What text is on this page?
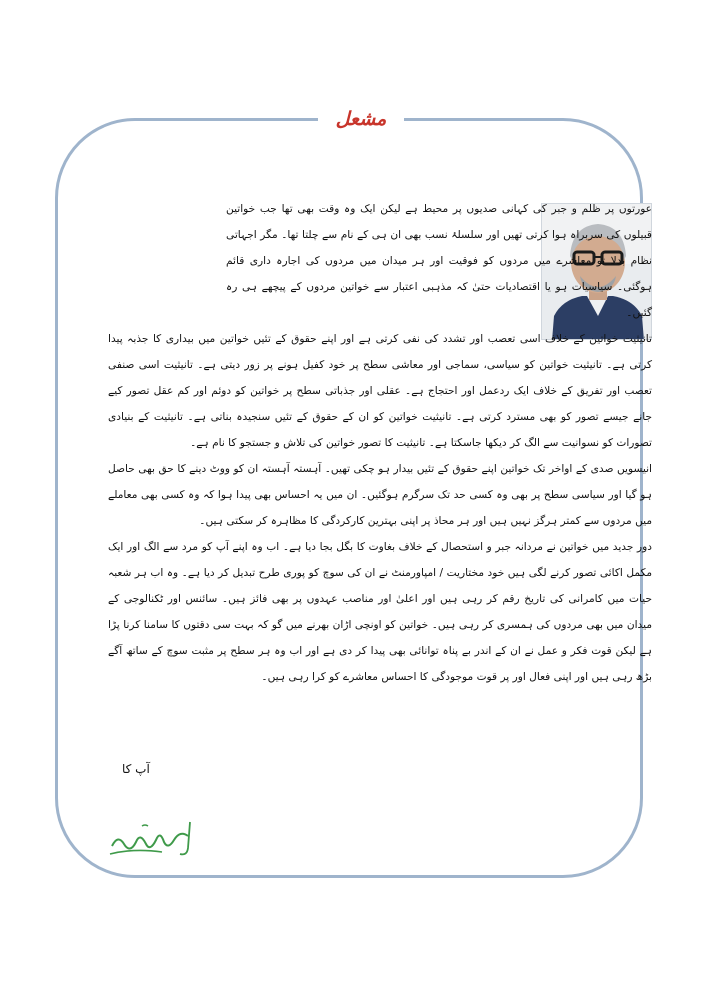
مشعل

عورتوں پر ظلم و جبر کی کہانی صدیوں پر محیط ہے لیکن ایک وہ وقت بھی تھا جب خواتین قبیلوں کی سربراہ ہوا کرتی تھیں اور سلسلۂ نسب بھی ان ہی کے نام سے چلتا تھا۔ مگر اجہاتی نظام بدلا تو معاشرے میں مردوں کو فوقیت اور ہر میدان میں مردوں کی اجارہ داری قائم ہوگئی۔ سیاسیات ہو یا اقتصادیات حتیٰ کہ مذہبی اعتبار سے خواتین مردوں کے پیچھے ہی رہ گئیں۔

تانیثیت خواتین کے خلاف اسی تعصب اور تشدد کی نفی کرتی ہے اور اپنے حقوق کے تئیں خواتین میں بیداری کا جذبہ پیدا کرتی ہے۔ تانیثیت خواتین کو سیاسی، سماجی اور معاشی سطح پر خود کفیل ہونے پر زور دیتی ہے۔ تانیثیت اسی صنفی تعصب اور تفریق کے خلاف ایک ردعمل اور احتجاج ہے۔ عقلی اور جذباتی سطح پر خواتین کو دوئم اور کم عقل تصور کیے جانے جیسے تصور کو بھی مسترد کرتی ہے۔ تانیثیت خواتین کو ان کے حقوق کے تئیں سنجیدہ بناتی ہے۔ تانیثیت کے بنیادی تصورات کو نسوانیت سے الگ کر دیکھا جاسکتا ہے۔ تانیثیت کا تصور خواتین کی تلاش و جستجو کا نام ہے۔

انیسویں صدی کے اواخر تک خواتین اپنے حقوق کے تئیں بیدار ہو چکی تھیں۔ آہستہ آہستہ ان کو ووٹ دینے کا حق بھی حاصل ہو گیا اور سیاسی سطح پر بھی وہ کسی حد تک سرگرم ہوگئیں۔ ان میں یہ احساس بھی پیدا ہوا کہ وہ کسی بھی معاملے میں مردوں سے کمتر ہرگز نہیں ہیں اور ہر محاذ پر اپنی بہترین کارکردگی کا مظاہرہ کر سکتی ہیں۔

دور جدید میں خواتین نے مردانہ جبر و استحصال کے خلاف بغاوت کا بگل بجا دیا ہے۔ اب وہ اپنے آپ کو مرد سے الگ اور ایک مکمل اکائی تصور کرنے لگی ہیں خود مختاریت / امپاورمنٹ نے ان کی سوچ کو پوری طرح تبدیل کر دیا ہے۔ وہ اب ہر شعبہ حیات میں کامرانی کی تاریخ رقم کر رہی ہیں اور اعلیٰ اور مناصب عہدوں پر بھی فائز ہیں۔ سائنس اور ٹکنالوجی کے میدان میں بھی مردوں کی ہمسری کر رہی ہیں۔ خواتین کو اونچی اڑان بھرنے میں گو کہ بہت سی دقتوں کا سامنا کرنا پڑا ہے لیکن قوت فکر و عمل نے ان کے اندر بے پناہ توانائی بھی پیدا کر دی ہے اور اب وہ ہر سطح پر مثبت سوچ کے ساتھ آگے بڑھ رہی ہیں اور اپنی فعال اور پر قوت موجودگی کا احساس معاشرے کو کرا رہی ہیں۔

آپ کا
